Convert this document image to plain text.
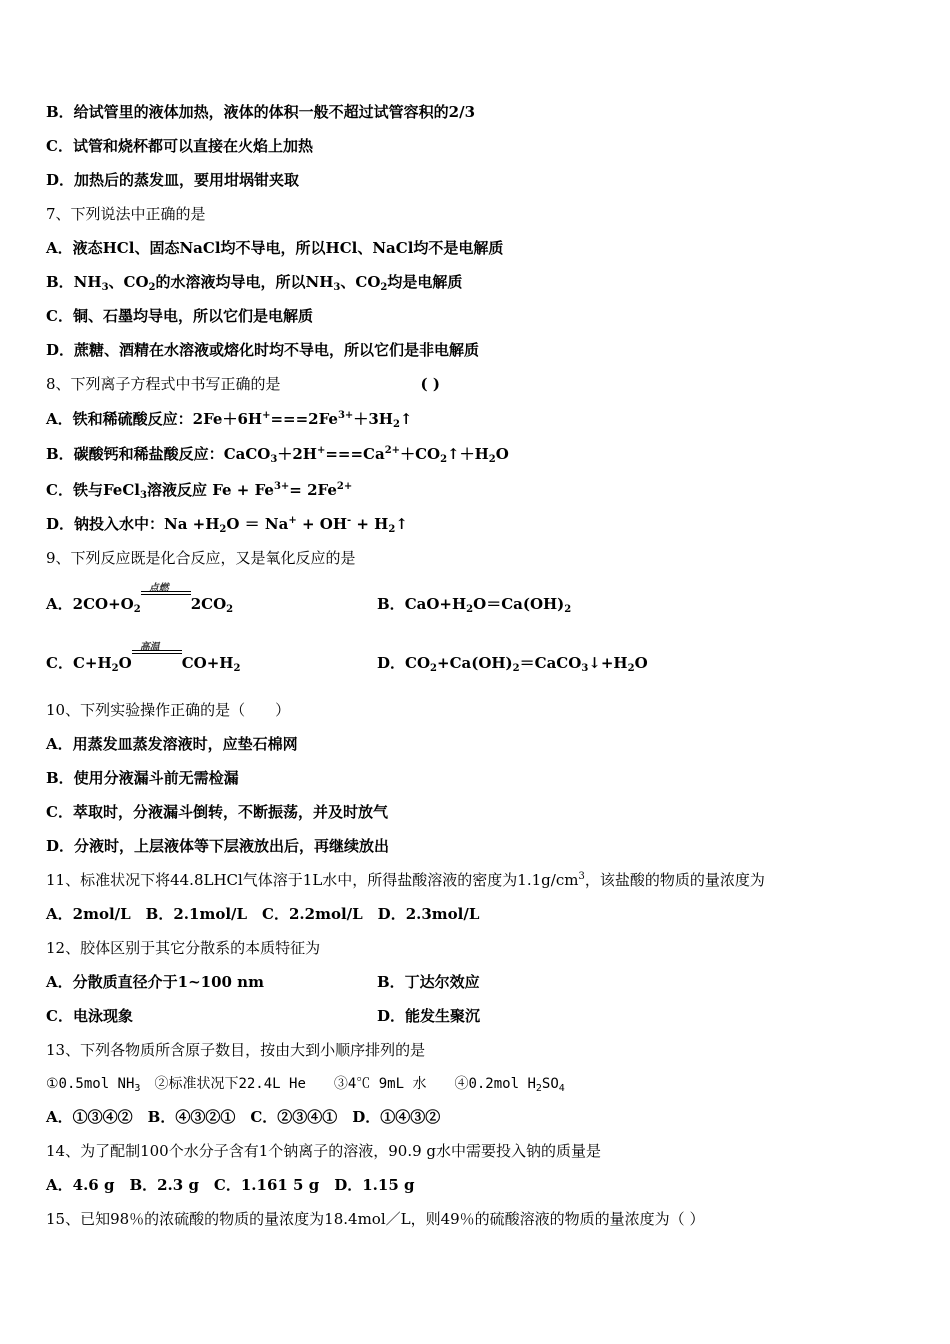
B．给试管里的液体加热，液体的体积一般不超过试管容积的2/3
C．试管和烧杯都可以直接在火焰上加热
D．加热后的蒸发皿，要用坩埚钳夹取
7、下列说法中正确的是
A．液态HCl、固态NaCl均不导电，所以HCl、NaCl均不是电解质
B．$NH_3$、$CO_2$的水溶液均导电，所以$NH_3$、$CO_2$均是电解质
C．铜、石墨均导电，所以它们是电解质
D．蔗糖、酒精在水溶液或熔化时均不导电，所以它们是非电解质
8、下列离子方程式中书写正确的是	( )
A．铁和稀硫酸反应：$2Fe+6H^+===2Fe^{3+}+3H_2↑$
B．碳酸钙和稀盐酸反应：$CaCO_3+2H^+===Ca^{2+}+CO_2↑+H_2O$
C．铁与FeCl$_3$溶液反应 $Fe + Fe^{3+}= 2Fe^{2+}$
D．钠投入水中：$Na +H_2O = Na^+ + OH^-$ + $H_2↑$
9、下列反应既是化合反应，又是氧化反应的是
A．$2CO+O_2$
点燃
$2CO_2$	B．$CaO+H_2O=Ca(OH)_2$
C．$C+H_2O$
高温
$CO+H_2$	D．$CO_2+Ca(OH)_2=CaCO_3↓+H_2O$
10、下列实验操作正确的是（　　）
A．用蒸发皿蒸发溶液时，应垫石棉网
B．使用分液漏斗前无需检漏
C．萃取时，分液漏斗倒转，不断振荡，并及时放气
D．分液时，上层液体等下层液放出后，再继续放出
11、标准状况下将44.8LHCl气体溶于1L水中，所得盐酸溶液的密度为$1.1g/cm^3$，该盐酸的物质的量浓度为
A．2mol/L　B．2.1mol/L　C．2.2mol/L　D．2.3mol/L
12、胶体区别于其它分散系的本质特征为
A．分散质直径介于1~100 nm	B．丁达尔效应
C．电泳现象	D．能发生聚沉
13、下列各物质所含原子数目，按由大到小顺序排列的是
①0.5mol $NH_3$　②标准状况下22.4L He　　③4℃ 9mL 水　　④0.2mol $H_2SO_4$
A．①③④②　B．④③②①　C．②③④①　D．①④③②
14、为了配制100个水分子含有1个钠离子的溶液，90.9 g水中需要投入钠的质量是
A．4.6 g　B．2.3 g　C．1.161 5 g　D．1.15 g
15、已知98％的浓硫酸的物质的量浓度为18.4mol／L，则49％的硫酸溶液的物质的量浓度为（ ）
